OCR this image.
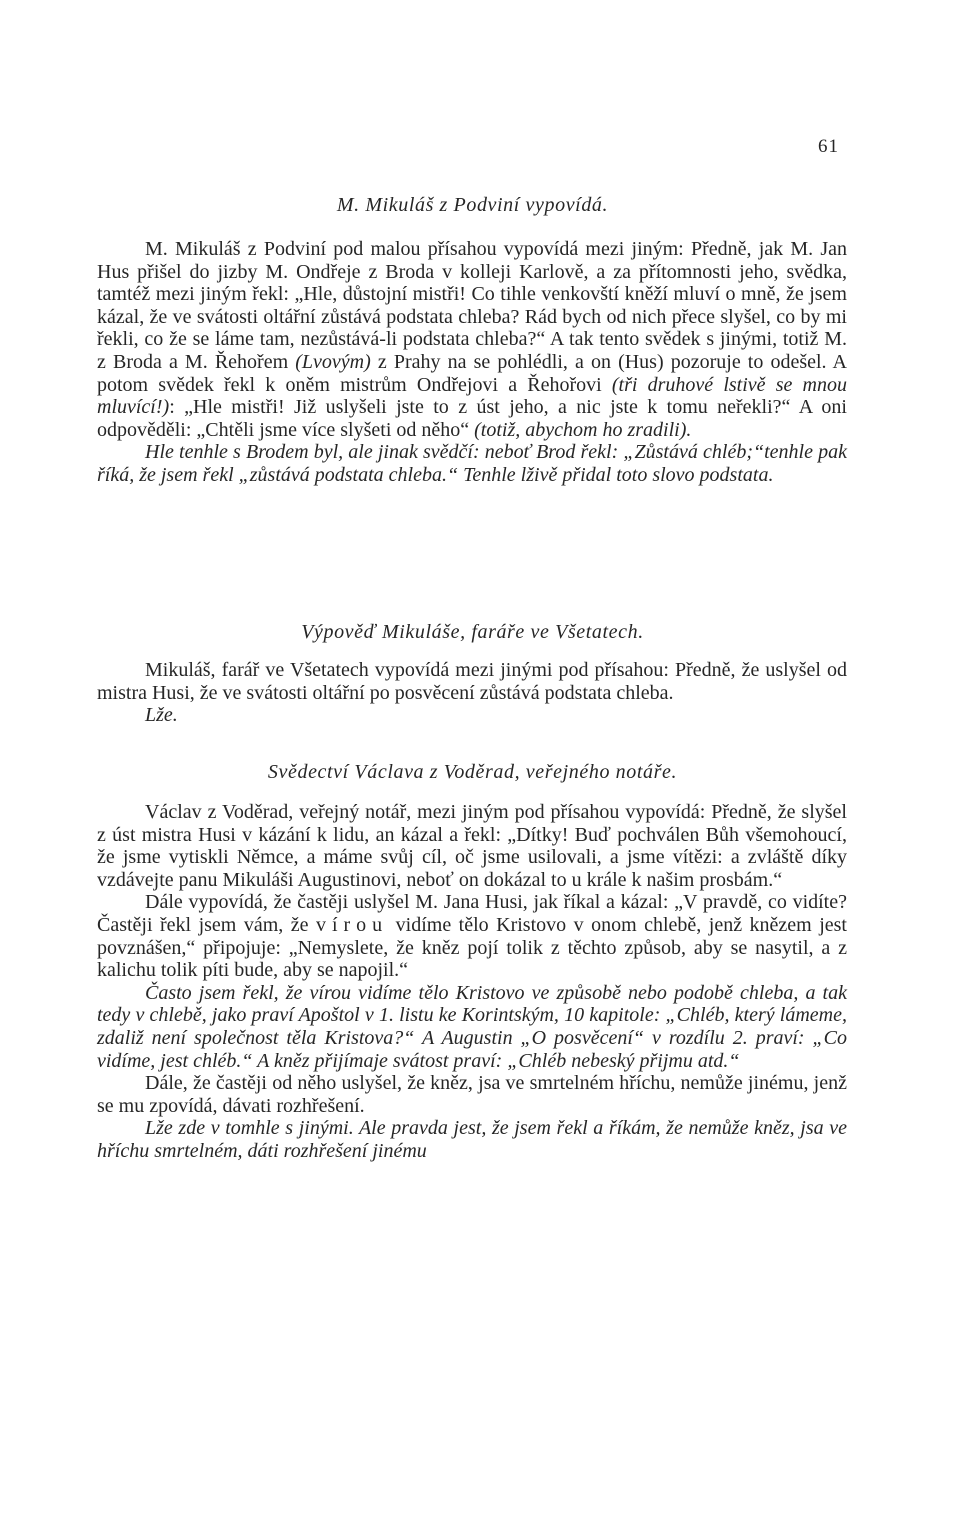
61
M. Mikuláš z Podviní vypovídá.

M. Mikuláš z Podviní pod malou přísahou vypovídá mezi jiným: Předně, jak M. Jan Hus přišel do jizby M. Ondřeje z Broda v kolleji Karlově, a za přítomnosti jeho, svědka, tamtéž mezi jiným řekl: „Hle, důstojní mistři! Co tihle venkovští kněží mluví o mně, že jsem kázal, že ve svátosti oltářní zůstává podstata chleba? Rád bych od nich přece slyšel, co by mi řekli, co že se láme tam, nezůstává-li podstata chleba?“ A tak tento svědek s jinými, totiž M. z Broda a M. Řehořem (Lvovým) z Prahy na se pohlédli, a on (Hus) pozoruje to odešel. A potom svědek řekl k oněm mistrům Ondřejovi a Řehořovi (tři druhové lstivě se mnou mluvící!): „Hle mistři! Již uslyšeli jste to z úst jeho, a nic jste k tomu neřekli?“ A oni odpověděli: „Chtěli jsme více slyšeti od něho“ (totiž, abychom ho zradili).

Hle tenhle s Brodem byl, ale jinak svědčí: neboť Brod řekl: „Zůstává chléb;“tenhle pak říká, že jsem řekl „zůstává podstata chleba.“ Tenhle lživě přidal toto slovo podstata.

Výpověď Mikuláše, faráře ve Všetatech.

Mikuláš, farář ve Všetatech vypovídá mezi jinými pod přísahou: Předně, že uslyšel od mistra Husi, že ve svátosti oltářní po posvěcení zůstává podstata chleba.

Lže.

Svědectví Václava z Voděrad, veřejného notáře.

Václav z Voděrad, veřejný notář, mezi jiným pod přísahou vypovídá: Předně, že slyšel z úst mistra Husi v kázání k lidu, an kázal a řekl: „Dítky! Buď pochválen Bůh všemohoucí, že jsme vytiskli Němce, a máme svůj cíl, oč jsme usilovali, a jsme vítězi: a zvláště díky vzdávejte panu Mikuláši Augustinovi, neboť on dokázal to u krále k našim prosbám.“

Dále vypovídá, že častěji uslyšel M. Jana Husi, jak říkal a kázal: „V pravdě, co vidíte? Častěji řekl jsem vám, že vírou vidíme tělo Kristovo v onom chlebě, jenž knězem jest povznášen,“ připojuje: „Nemyslete, že kněz pojí tolik z těchto způsob, aby se nasytil, a z kalichu tolik píti bude, aby se napojil.“

Často jsem řekl, že vírou vidíme tělo Kristovo ve způsobě nebo podobě chleba, a tak tedy v chlebě, jako praví Apoštol v 1. listu ke Korintským, 10 kapitole: „Chléb, který lámeme, zdaliž není společnost těla Kristova?“ A Augustin „O posvěcení“ v rozdílu 2. praví: „Co vidíme, jest chléb.“ A kněz přijímaje svátost praví: „Chléb nebeský přijmu atd.“

Dále, že častěji od něho uslyšel, že kněz, jsa ve smrtelném hříchu, nemůže jinému, jenž se mu zpovídá, dávati rozhřešení.

Lže zde v tomhle s jinými. Ale pravda jest, že jsem řekl a říkám, že nemůže kněz, jsa ve hříchu smrtelném, dáti rozhřešení jinému
